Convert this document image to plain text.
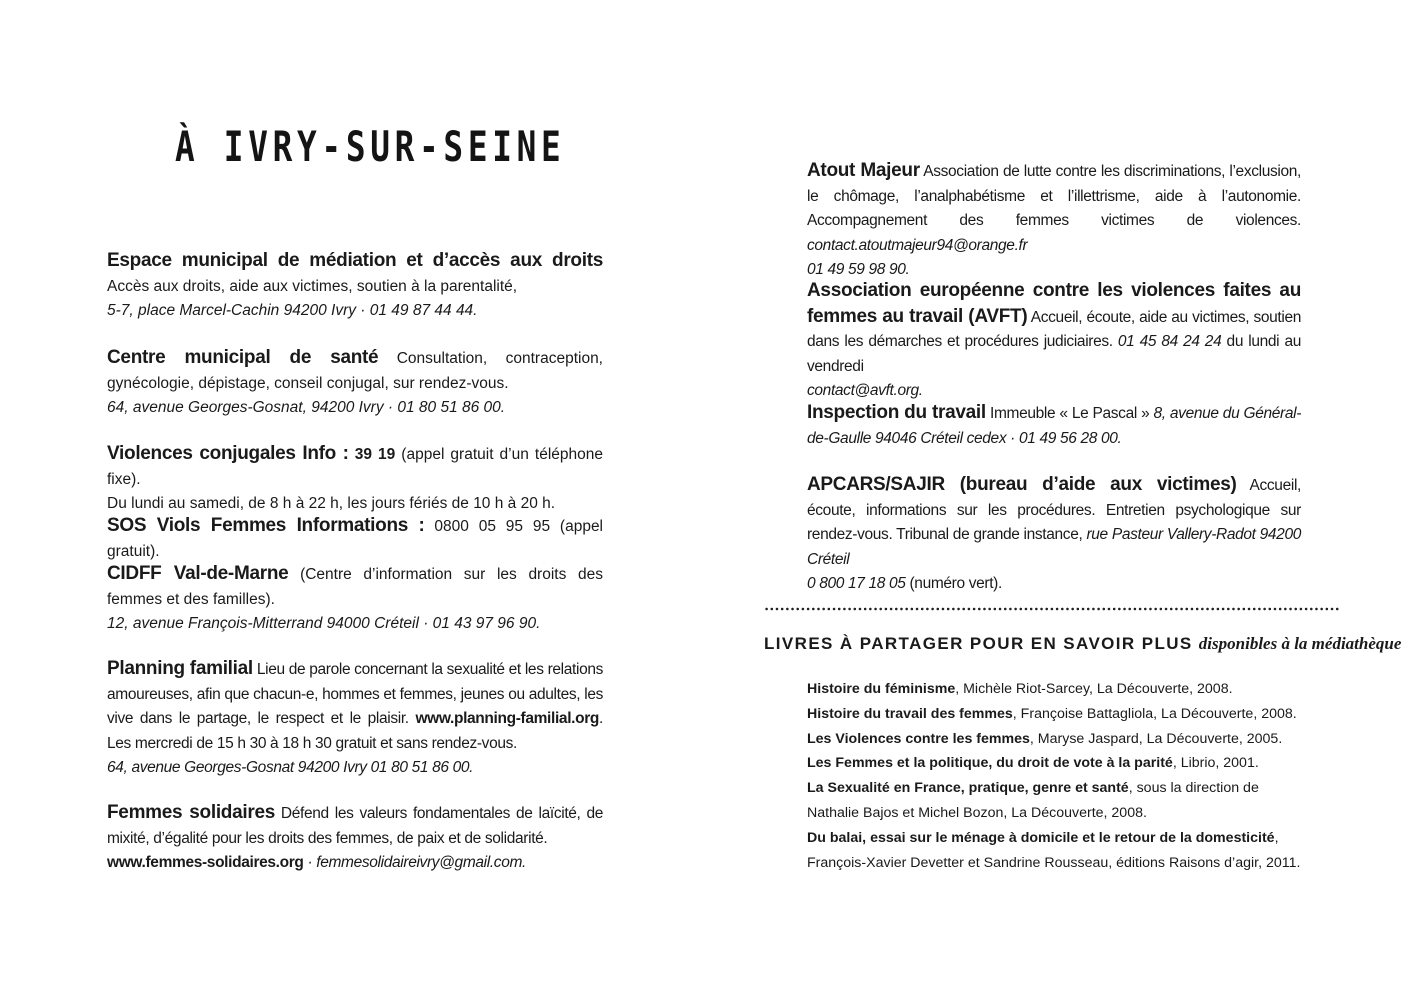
À IVRY-SUR-SEINE
Espace municipal de médiation et d’accès aux droits Accès aux droits, aide aux victimes, soutien à la parentalité,
5-7, place Marcel-Cachin 94200 Ivry · 01 49 87 44 44.
Centre municipal de santé Consultation, contraception, gynécologie, dépistage, conseil conjugal, sur rendez-vous.
64, avenue Georges-Gosnat, 94200 Ivry · 01 80 51 86 00.
Violences conjugales Info : 39 19 (appel gratuit d’un téléphone fixe).
Du lundi au samedi, de 8 h à 22 h, les jours fériés de 10 h à 20 h.
SOS Viols Femmes Informations : 0800 05 95 95 (appel gratuit).
CIDFF Val-de-Marne (Centre d’information sur les droits des femmes et des familles).
12, avenue François-Mitterrand 94000 Créteil · 01 43 97 96 90.
Planning familial Lieu de parole concernant la sexualité et les relations amoureuses, afin que chacun-e, hommes et femmes, jeunes ou adultes, les vive dans le partage, le respect et le plaisir. www.planning-familial.org. Les mercredi de 15 h 30 à 18 h 30 gratuit et sans rendez-vous.
64, avenue Georges-Gosnat 94200 Ivry 01 80 51 86 00.
Femmes solidaires Défend les valeurs fondamentales de laïcité, de mixité, d’égalité pour les droits des femmes, de paix et de solidarité.
www.femmes-solidaires.org · femmesolidaireivry@gmail.com.
Atout Majeur Association de lutte contre les discriminations, l’exclusion, le chômage, l’analphabétisme et l’illettrisme, aide à l’autonomie. Accompagnement des femmes victimes de violences. contact.atoutmajeur94@orange.fr
01 49 59 98 90.
Association européenne contre les violences faites au femmes au travail (AVFT) Accueil, écoute, aide au victimes, soutien dans les démarches et procédures judiciaires. 01 45 84 24 24 du lundi au vendredi
contact@avft.org.
Inspection du travail Immeuble « Le Pascal » 8, avenue du Général-de-Gaulle 94046 Créteil cedex · 01 49 56 28 00.
APCARS/SAJIR (bureau d’aide aux victimes) Accueil, écoute, informations sur les procédures. Entretien psychologique sur rendez-vous. Tribunal de grande instance, rue Pasteur Vallery-Radot 94200 Créteil
0 800 17 18 05 (numéro vert).
LIVRES À PARTAGER POUR EN SAVOIR PLUS disponibles à la médiathèque
Histoire du féminisme, Michèle Riot-Sarcey, La Découverte, 2008.
Histoire du travail des femmes, Françoise Battagliola, La Découverte, 2008.
Les Violences contre les femmes, Maryse Jaspard, La Découverte, 2005.
Les Femmes et la politique, du droit de vote à la parité, Librio, 2001.
La Sexualité en France, pratique, genre et santé, sous la direction de Nathalie Bajos et Michel Bozon, La Découverte, 2008.
Du balai, essai sur le ménage à domicile et le retour de la domesticité, François-Xavier Devetter et Sandrine Rousseau, éditions Raisons d’agir, 2011.
